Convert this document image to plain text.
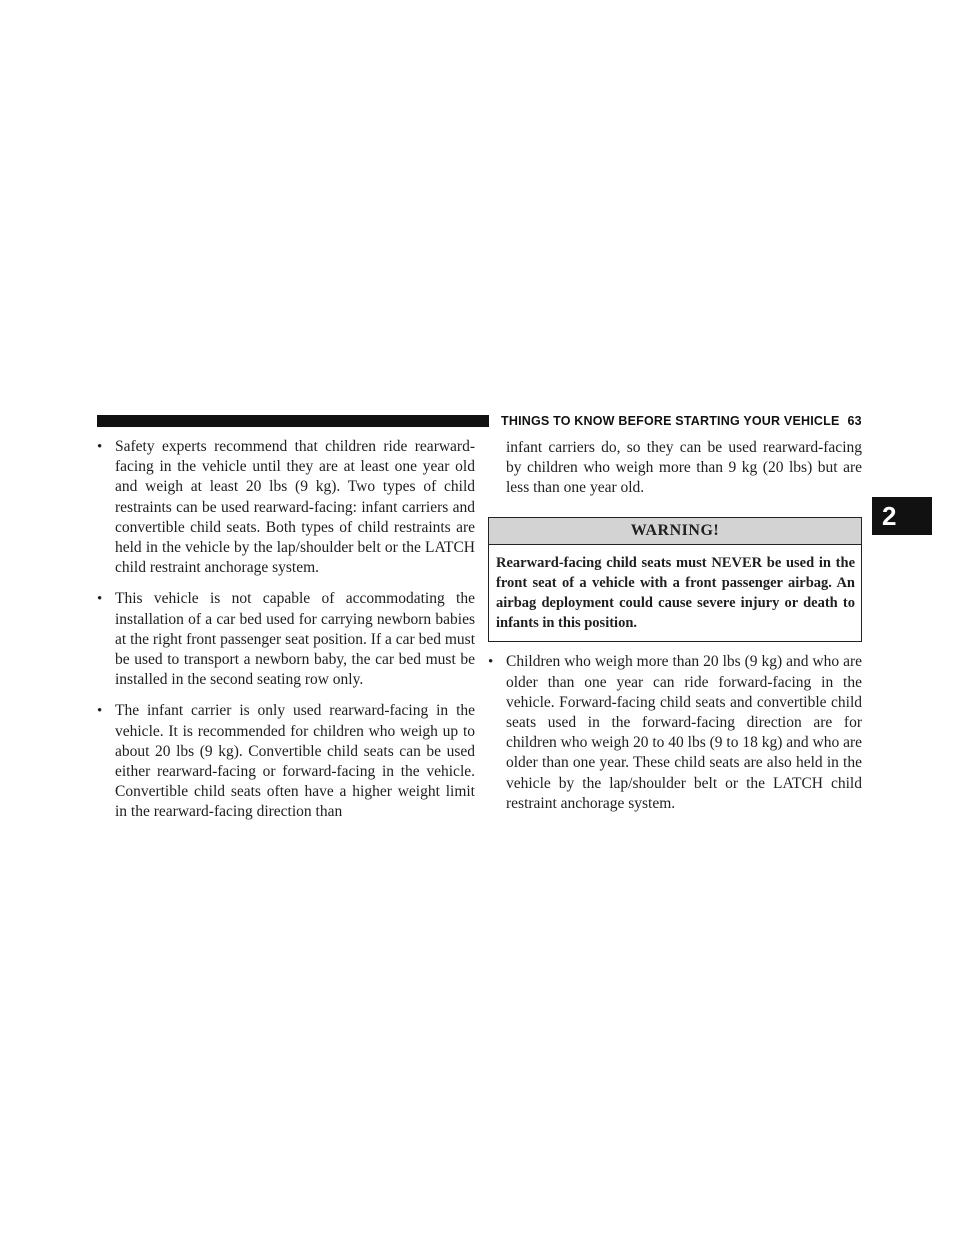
THINGS TO KNOW BEFORE STARTING YOUR VEHICLE 63
2
• Safety experts recommend that children ride rearward-facing in the vehicle until they are at least one year old and weigh at least 20 lbs (9 kg). Two types of child restraints can be used rearward-facing: infant carriers and convertible child seats. Both types of child restraints are held in the vehicle by the lap/shoulder belt or the LATCH child restraint anchorage system.
• This vehicle is not capable of accommodating the installation of a car bed used for carrying newborn babies at the right front passenger seat position. If a car bed must be used to transport a newborn baby, the car bed must be installed in the second seating row only.
• The infant carrier is only used rearward-facing in the vehicle. It is recommended for children who weigh up to about 20 lbs (9 kg). Convertible child seats can be used either rearward-facing or forward-facing in the vehicle. Convertible child seats often have a higher weight limit in the rearward-facing direction than
infant carriers do, so they can be used rearward-facing by children who weigh more than 9 kg (20 lbs) but are less than one year old.
WARNING!
Rearward-facing child seats must NEVER be used in the front seat of a vehicle with a front passenger airbag. An airbag deployment could cause severe injury or death to infants in this position.
• Children who weigh more than 20 lbs (9 kg) and who are older than one year can ride forward-facing in the vehicle. Forward-facing child seats and convertible child seats used in the forward-facing direction are for children who weigh 20 to 40 lbs (9 to 18 kg) and who are older than one year. These child seats are also held in the vehicle by the lap/shoulder belt or the LATCH child restraint anchorage system.
